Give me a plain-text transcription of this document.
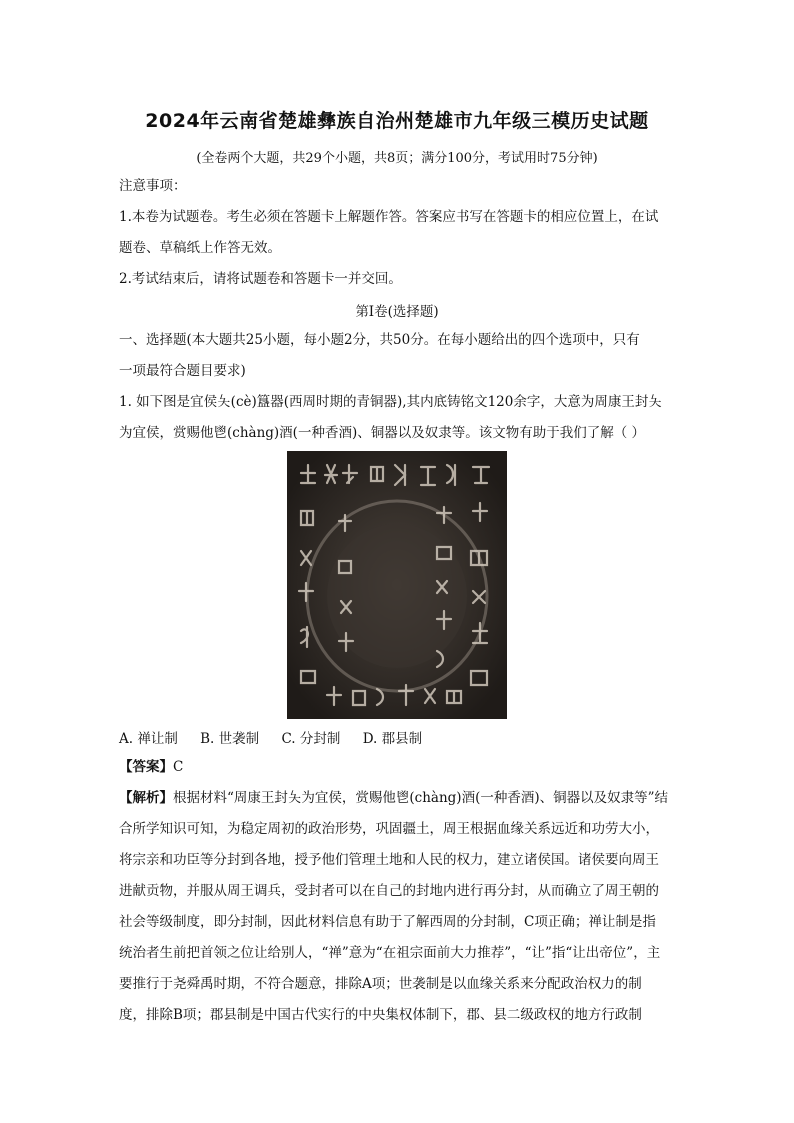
2024年云南省楚雄彝族自治州楚雄市九年级三模历史试题
(全卷两个大题，共29个小题，共8页；满分100分，考试用时75分钟)
注意事项：
1.本卷为试题卷。考生必须在答题卡上解题作答。答案应书写在答题卡的相应位置上，在试
题卷、草稿纸上作答无效。
2.考试结束后，请将试题卷和答题卡一并交回。
第Ⅰ卷(选择题)
一、选择题(本大题共25小题，每小题2分，共50分。在每小题给出的四个选项中，只有
一项最符合题目要求)
1. 如下图是宜侯夨(cè)簋器(西周时期的青铜器),其内底铸铭文120余字，大意为周康王封夨
为宜侯，赏赐他鬯(chàng)酒(一种香酒)、铜器以及奴隶等。该文物有助于我们了解（ ）
A. 禅让制 B. 世袭制 C. 分封制 D. 郡县制
【答案】C
【解析】根据材料“周康王封夨为宜侯，赏赐他鬯(chàng)酒(一种香酒)、铜器以及奴隶等”结
合所学知识可知，为稳定周初的政治形势，巩固疆土，周王根据血缘关系远近和功劳大小，
将宗亲和功臣等分封到各地，授予他们管理土地和人民的权力，建立诸侯国。诸侯要向周王
进献贡物，并服从周王调兵，受封者可以在自己的封地内进行再分封，从而确立了周王朝的
社会等级制度，即分封制，因此材料信息有助于了解西周的分封制，C项正确；禅让制是指
统治者生前把首领之位让给别人，“禅”意为“在祖宗面前大力推荐”，“让”指“让出帝位”，主
要推行于尧舜禹时期，不符合题意，排除A项；世袭制是以血缘关系来分配政治权力的制
度，排除B项；郡县制是中国古代实行的中央集权体制下，郡、县二级政权的地方行政制
